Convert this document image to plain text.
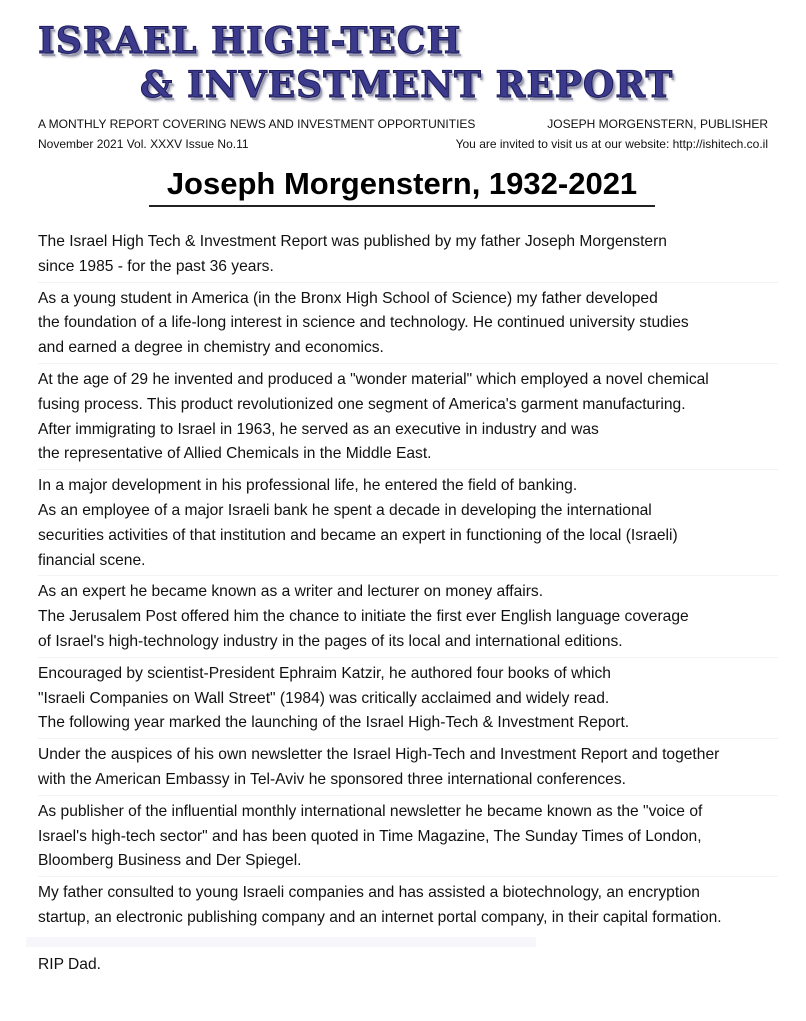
ISRAEL HIGH-TECH
& INVESTMENT REPORT
A MONTHLY REPORT COVERING NEWS AND INVESTMENT OPPORTUNITIES	JOSEPH MORGENSTERN, PUBLISHER
November 2021 Vol. XXXV Issue No.11	You are invited to visit us at our website: http://ishitech.co.il
Joseph Morgenstern, 1932-2021
The Israel High Tech & Investment Report was published by my father Joseph Morgenstern
since 1985 - for the past 36 years.
As a young student in America (in the Bronx High School of Science) my father developed
the foundation of a life-long interest in science and technology. He continued university studies
and earned a degree in chemistry and economics.
At the age of 29 he invented and produced a "wonder material" which employed a novel chemical
fusing process. This product revolutionized one segment of America's garment manufacturing.
After immigrating to Israel in 1963, he served as an executive in industry and was
the representative of Allied Chemicals in the Middle East.
In a major development in his professional life, he entered the field of banking.
As an employee of a major Israeli bank he spent a decade in developing the international
securities activities of that institution and became an expert in functioning of the local (Israeli)
financial scene.
As an expert he became known as a writer and lecturer on money affairs.
The Jerusalem Post offered him the chance to initiate the first ever English language coverage
of Israel's high-technology industry in the pages of its local and international editions.
Encouraged by scientist-President Ephraim Katzir, he authored four books of which
"Israeli Companies on Wall Street" (1984) was critically acclaimed and widely read.
The following year marked the launching of the Israel High-Tech & Investment Report.
Under the auspices of his own newsletter the Israel High-Tech and Investment Report and together
with the American Embassy in Tel-Aviv he sponsored three international conferences.
As publisher of the influential monthly international newsletter he became known as the "voice of
Israel's high-tech sector" and has been quoted in Time Magazine, The Sunday Times of London,
Bloomberg Business and Der Spiegel.
My father consulted to young Israeli companies and has assisted a biotechnology, an encryption
startup, an electronic publishing company and an internet portal company, in their capital formation.
RIP Dad.
